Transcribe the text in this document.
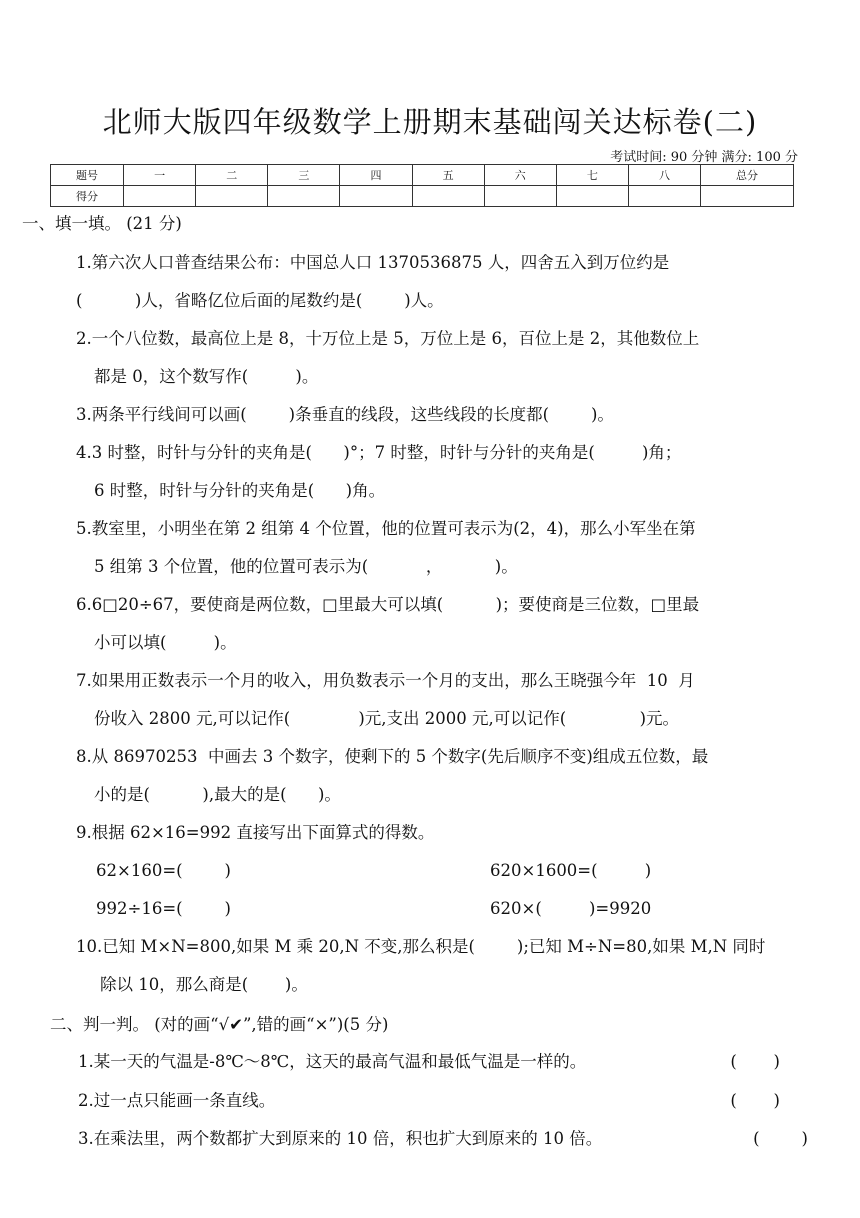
北师大版四年级数学上册期末基础闯关达标卷(二)
考试时间: 90 分钟 满分: 100 分
题号	一	二	三	四	五	六	七	八	总分
得分									
一、填一填。 (21 分)
1.第六次人口普查结果公布：中国总人口 1370536875 人，四舍五入到万位约是
(          )人，省略亿位后面的尾数约是(        )人。
2.一个八位数，最高位上是 8，十万位上是 5，万位上是 6，百位上是 2，其他数位上
都是 0，这个数写作(         )。
3.两条平行线间可以画(        )条垂直的线段，这些线段的长度都(        )。
4.3 时整，时针与分针的夹角是(      )°；7 时整，时针与分针的夹角是(         )角；
6 时整，时针与分针的夹角是(      )角。
5.教室里，小明坐在第 2 组第 4 个位置，他的位置可表示为(2，4)，那么小军坐在第
5 组第 3 个位置，他的位置可表示为(           ，          )。
6.6□20÷67，要使商是两位数，□里最大可以填(          )；要使商是三位数，□里最
小可以填(         )。
7.如果用正数表示一个月的收入，用负数表示一个月的支出，那么王晓强今年  10  月
份收入 2800 元,可以记作(             )元,支出 2000 元,可以记作(              )元。
8.从 86970253  中画去 3 个数字，使剩下的 5 个数字(先后顺序不变)组成五位数，最
小的是(          ),最大的是(      )。
9.根据 62×16=992 直接写出下面算式的得数。
62×160=(        )	620×1600=(         )
992÷16=(        )	620×(         )=9920
10.已知 M×N=800,如果 M 乘 20,N 不变,那么积是(        );已知 M÷N=80,如果 M,N 同时
除以 10，那么商是(       )。
二、判一判。 (对的画“√✔”,错的画“×”)(5 分)
1.某一天的气温是-8℃～8℃，这天的最高气温和最低气温是一样的。	(       )
2.过一点只能画一条直线。	(       )
3.在乘法里，两个数都扩大到原来的 10 倍，积也扩大到原来的 10 倍。	(        )
